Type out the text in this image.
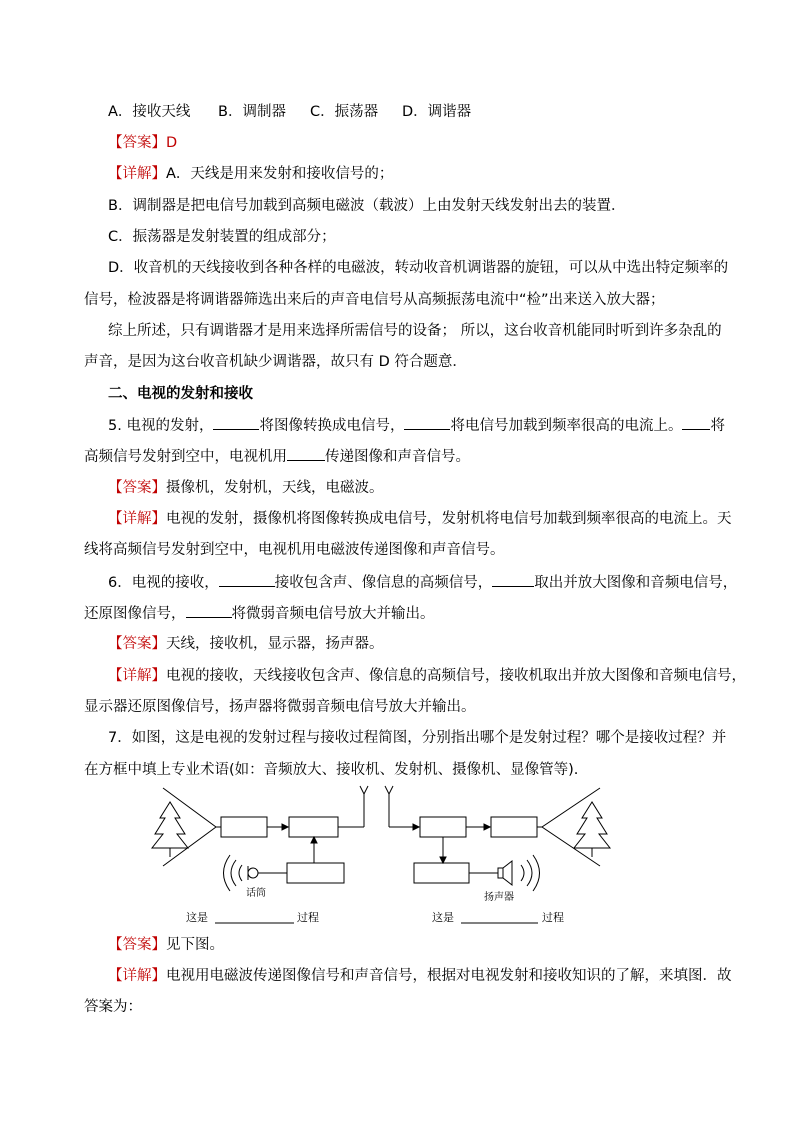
A．接收天线 B．调制器 C．振荡器 D．调谐器
【答案】D
【详解】A．天线是用来发射和接收信号的；
B．调制器是把电信号加载到高频电磁波（载波）上由发射天线发射出去的装置．
C．振荡器是发射装置的组成部分；
D．收音机的天线接收到各种各样的电磁波，转动收音机调谐器的旋钮，可以从中选出特定频率的
信号，检波器是将调谐器筛选出来后的声音电信号从高频振荡电流中“检”出来送入放大器；
综上所述，只有调谐器才是用来选择所需信号的设备； 所以，这台收音机能同时听到许多杂乱的
声音，是因为这台收音机缺少调谐器，故只有 D 符合题意．
二、电视的发射和接收
5. 电视的发射，	将图像转换成电信号，	将电信号加载到频率很高的电流上。 将
高频信号发射到空中，电视机用	传递图像和声音信号。
【答案】摄像机，发射机，天线，电磁波。
【详解】电视的发射，摄像机将图像转换成电信号，发射机将电信号加载到频率很高的电流上。天
线将高频信号发射到空中，电视机用电磁波传递图像和声音信号。
6．电视的接收，	接收包含声、像信息的高频信号，	取出并放大图像和音频电信号，
还原图像信号，	将微弱音频电信号放大并输出。
【答案】天线，接收机，显示器，扬声器。
【详解】电视的接收，天线接收包含声、像信息的高频信号，接收机取出并放大图像和音频电信号，
显示器还原图像信号，扬声器将微弱音频电信号放大并输出。
7．如图，这是电视的发射过程与接收过程简图，分别指出哪个是发射过程？哪个是接收过程？并
在方框中填上专业术语(如：音频放大、接收机、发射机、摄像机、显像管等).
话筒	扬声器
这是	过程	这是	过程
【答案】见下图。
【详解】电视用电磁波传递图像信号和声音信号，根据对电视发射和接收知识的了解，来填图．故
答案为：
